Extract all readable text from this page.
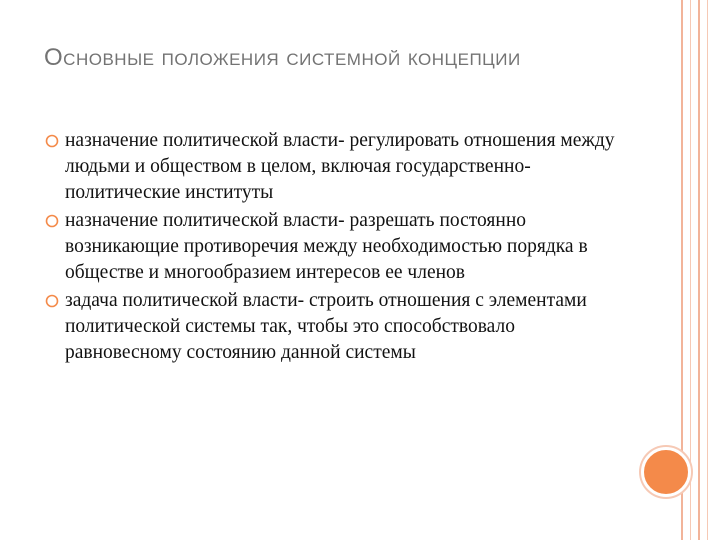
Основные положения системной концепции
назначение политической власти- регулировать отношения между людьми и обществом в целом, включая государственно-политические институты
назначение политической власти- разрешать постоянно возникающие противоречия между необходимостью порядка в обществе и многообразием интересов ее членов
задача политической власти- строить отношения с элементами политической системы так, чтобы это способствовало равновесному состоянию данной системы
